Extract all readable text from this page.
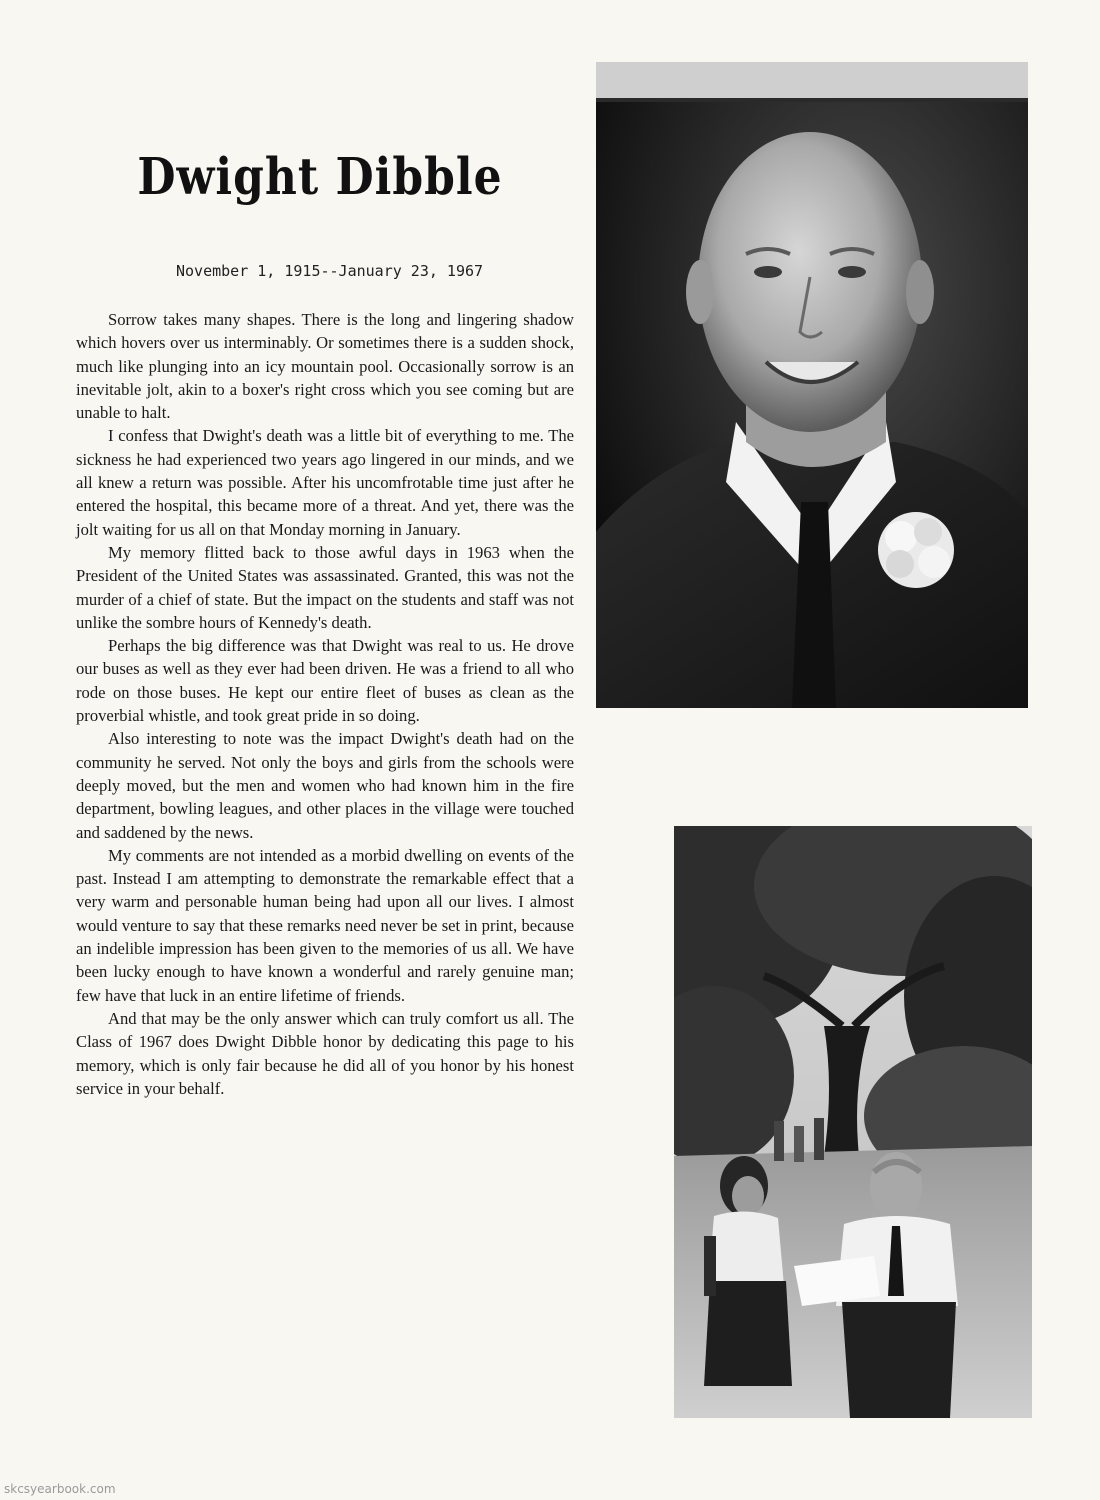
Dwight Dibble
November 1, 1915--January 23, 1967

Sorrow takes many shapes. There is the long and lingering shadow which hovers over us interminably. Or sometimes there is a sudden shock, much like plunging into an icy mountain pool. Occasionally sorrow is an inevitable jolt, akin to a boxer's right cross which you see coming but are unable to halt.

I confess that Dwight's death was a little bit of everything to me. The sickness he had experienced two years ago lingered in our minds, and we all knew a return was possible. After his uncomfrotable time just after he entered the hospital, this became more of a threat. And yet, there was the jolt waiting for us all on that Monday morning in January.

My memory flitted back to those awful days in 1963 when the President of the United States was assassinated. Granted, this was not the murder of a chief of state. But the impact on the students and staff was not unlike the sombre hours of Kennedy's death.

Perhaps the big difference was that Dwight was real to us. He drove our buses as well as they ever had been driven. He was a friend to all who rode on those buses. He kept our entire fleet of buses as clean as the proverbial whistle, and took great pride in so doing.

Also interesting to note was the impact Dwight's death had on the community he served. Not only the boys and girls from the schools were deeply moved, but the men and women who had known him in the fire department, bowling leagues, and other places in the village were touched and saddened by the news.

My comments are not intended as a morbid dwelling on events of the past. Instead I am attempting to demonstrate the remarkable effect that a very warm and personable human being had upon all our lives. I almost would venture to say that these remarks need never be set in print, because an indelible impression has been given to the memories of us all. We have been lucky enough to have known a wonderful and rarely genuine man; few have that luck in an entire lifetime of friends.

And that may be the only answer which can truly comfort us all. The Class of 1967 does Dwight Dibble honor by dedicating this page to his memory, which is only fair because he did all of you honor by his honest service in your behalf.

skcsyearbook.com
